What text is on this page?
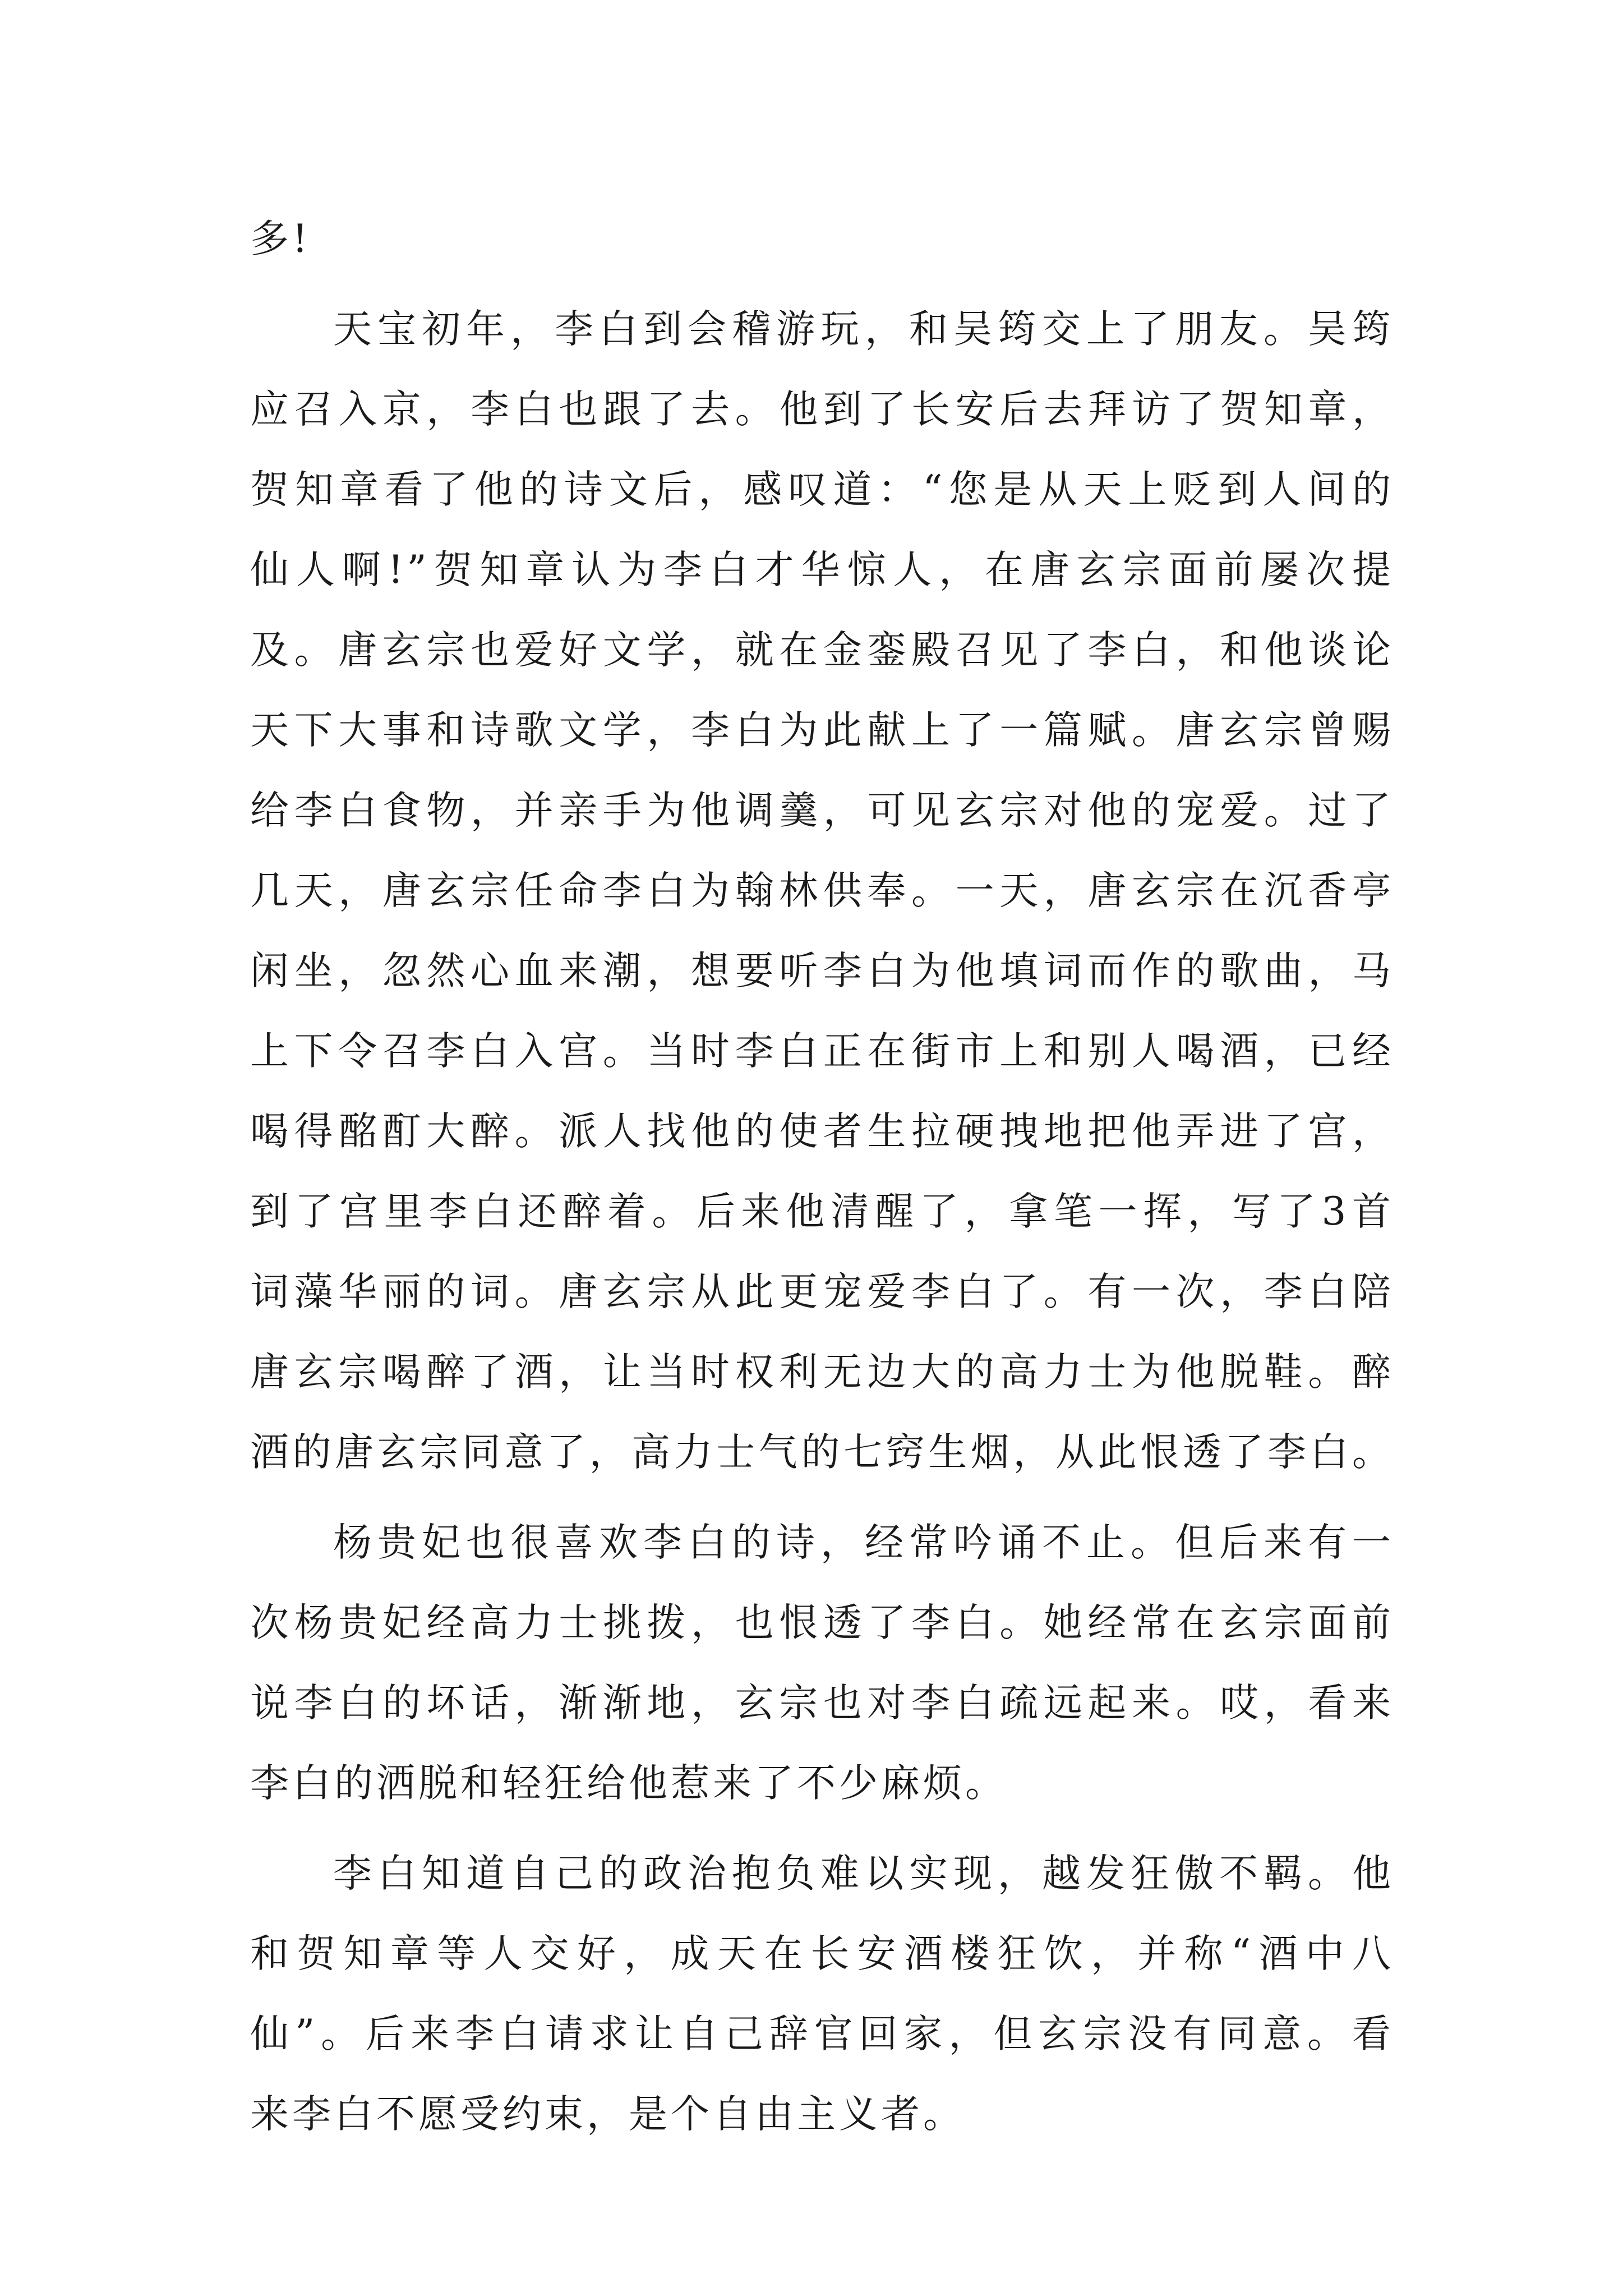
多!
天宝初年，李白到会稽游玩，和吴筠交上了朋友。吴筠
应召入京，李白也跟了去。他到了长安后去拜访了贺知章，
贺知章看了他的诗文后，感叹道：“您是从天上贬到人间的
仙人啊!”贺知章认为李白才华惊人，在唐玄宗面前屡次提
及。唐玄宗也爱好文学，就在金銮殿召见了李白，和他谈论
天下大事和诗歌文学，李白为此献上了一篇赋。唐玄宗曾赐
给李白食物，并亲手为他调羹，可见玄宗对他的宠爱。过了
几天，唐玄宗任命李白为翰林供奉。一天，唐玄宗在沉香亭
闲坐，忽然心血来潮，想要听李白为他填词而作的歌曲，马
上下令召李白入宫。当时李白正在街市上和别人喝酒，已经
喝得酩酊大醉。派人找他的使者生拉硬拽地把他弄进了宫，
到了宫里李白还醉着。后来他清醒了，拿笔一挥，写了3首
词藻华丽的词。唐玄宗从此更宠爱李白了。有一次，李白陪
唐玄宗喝醉了酒，让当时权利无边大的高力士为他脱鞋。醉
酒的唐玄宗同意了，高力士气的七窍生烟，从此恨透了李白。
杨贵妃也很喜欢李白的诗，经常吟诵不止。但后来有一
次杨贵妃经高力士挑拨，也恨透了李白。她经常在玄宗面前
说李白的坏话，渐渐地，玄宗也对李白疏远起来。哎，看来
李白的洒脱和轻狂给他惹来了不少麻烦。
李白知道自己的政治抱负难以实现，越发狂傲不羁。他
和贺知章等人交好，成天在长安酒楼狂饮，并称“酒中八
仙”。后来李白请求让自己辞官回家，但玄宗没有同意。看
来李白不愿受约束，是个自由主义者。
